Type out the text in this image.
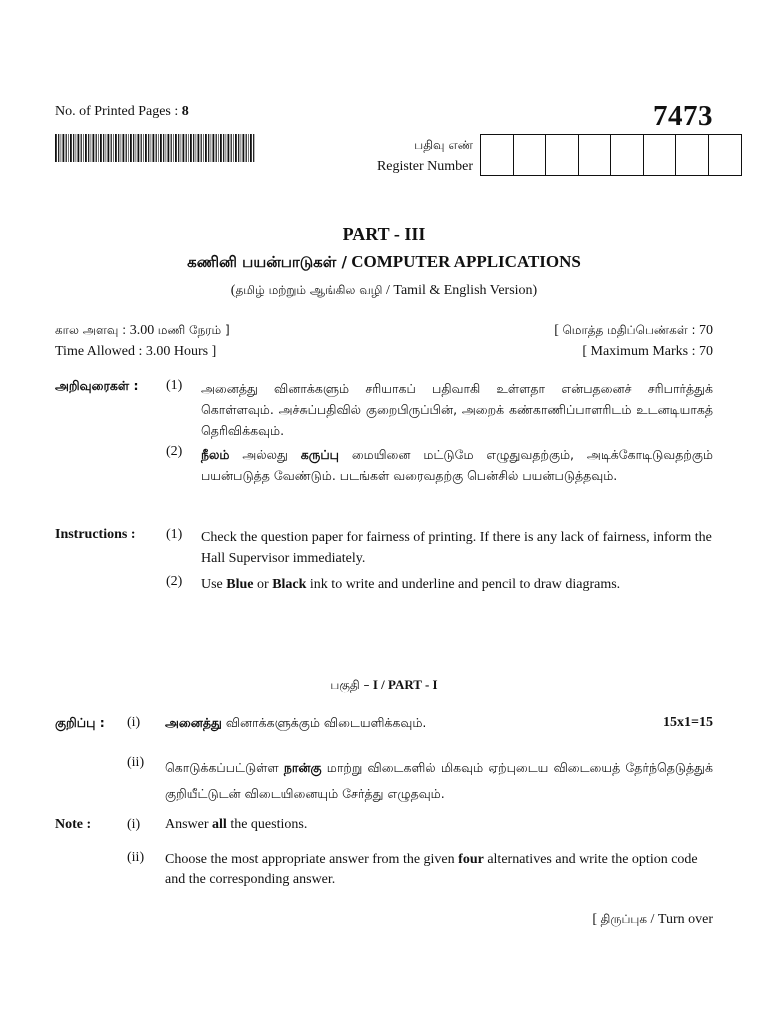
No. of Printed Pages : 8	7473
பதிவு எண்
Register Number
PART - III
கணினி பயன்பாடுகள் / COMPUTER APPLICATIONS
(தமிழ் மற்றும் ஆங்கில வழி / Tamil & English Version)
கால அளவு : 3.00 மணி நேரம் ]
Time Allowed : 3.00 Hours ]
[ மொத்த மதிப்பெண்கள் : 70
[ Maximum Marks : 70
அறிவுரைகள் : (1) அனைத்து வினாக்களும் சரியாகப் பதிவாகி உள்ளதா என்பதனைச் சரிபார்த்துக் கொள்ளவும். அச்சுப்பதிவில் குறைபிருப்பின், அறைக் கண்காணிப்பாளரிடம் உடனடியாகத் தெரிவிக்கவும்.
(2) நீலம் அல்லது கருப்பு மையினை மட்டுமே எழுதுவதற்கும், அடிக்கோடிடுவதற்கும் பயன்படுத்த வேண்டும். படங்கள் வரைவதற்கு பென்சில் பயன்படுத்தவும்.
Instructions : (1) Check the question paper for fairness of printing. If there is any lack of fairness, inform the Hall Supervisor immediately.
(2) Use Blue or Black ink to write and underline and pencil to draw diagrams.
பகுதி – I / PART - I
குறிப்பு : (i) அனைத்து வினாக்களுக்கும் விடையளிக்கவும்.	15x1=15
(ii) கொடுக்கப்பட்டுள்ள நான்கு மாற்று விடைகளில் மிகவும் ஏற்புடைய விடையைத் தேர்ந்தெடுத்துக் குறியீட்டுடன் விடையினையும் சேர்த்து எழுதவும்.
Note :	(i) Answer all the questions.
(ii) Choose the most appropriate answer from the given four alternatives and write the option code and the corresponding answer.
[ திருப்புக / Turn over
